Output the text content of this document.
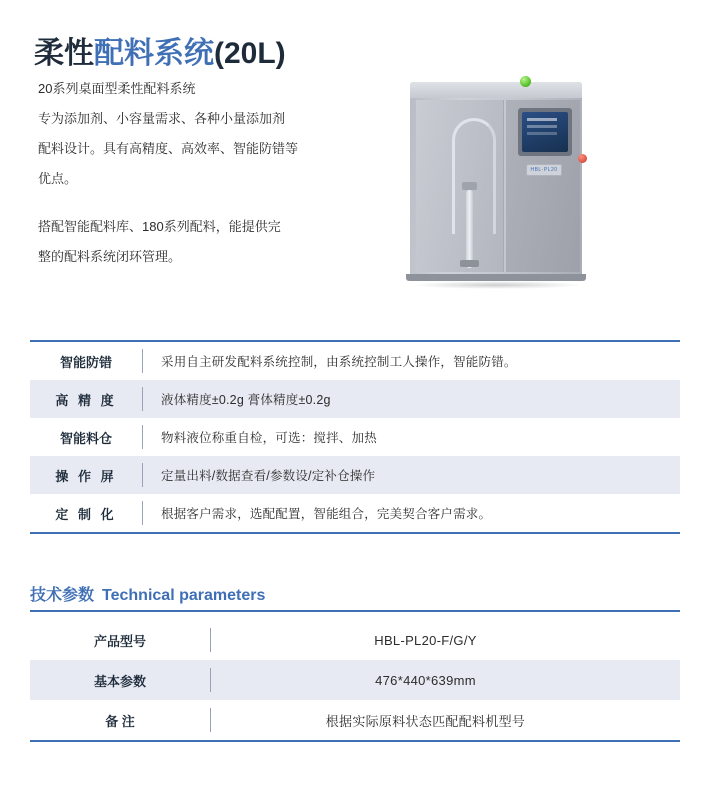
柔性配料系统(20L)

20系列桌面型柔性配料系统

专为添加剂、小容量需求、各种小量添加剂

配料设计。具有高精度、高效率、智能防错等

优点。

搭配智能配料库、180系列配料，能提供完

整的配料系统闭环管理。

HBL·PL20
智能防错	采用自主研发配料系统控制，由系统控制工人操作，智能防错。
高 精 度	液体精度±0.2g 膏体精度±0.2g
智能料仓	物料液位称重自检，可选：搅拌、加热
操 作 屏	定量出料/数据查看/参数设/定补仓操作
定 制 化	根据客户需求，选配配置，智能组合，完美契合客户需求。
技术参数 Technical parameters
产品型号	HBL-PL20-F/G/Y
基本参数	476*440*639mm
备 注	根据实际原料状态匹配配料机型号
